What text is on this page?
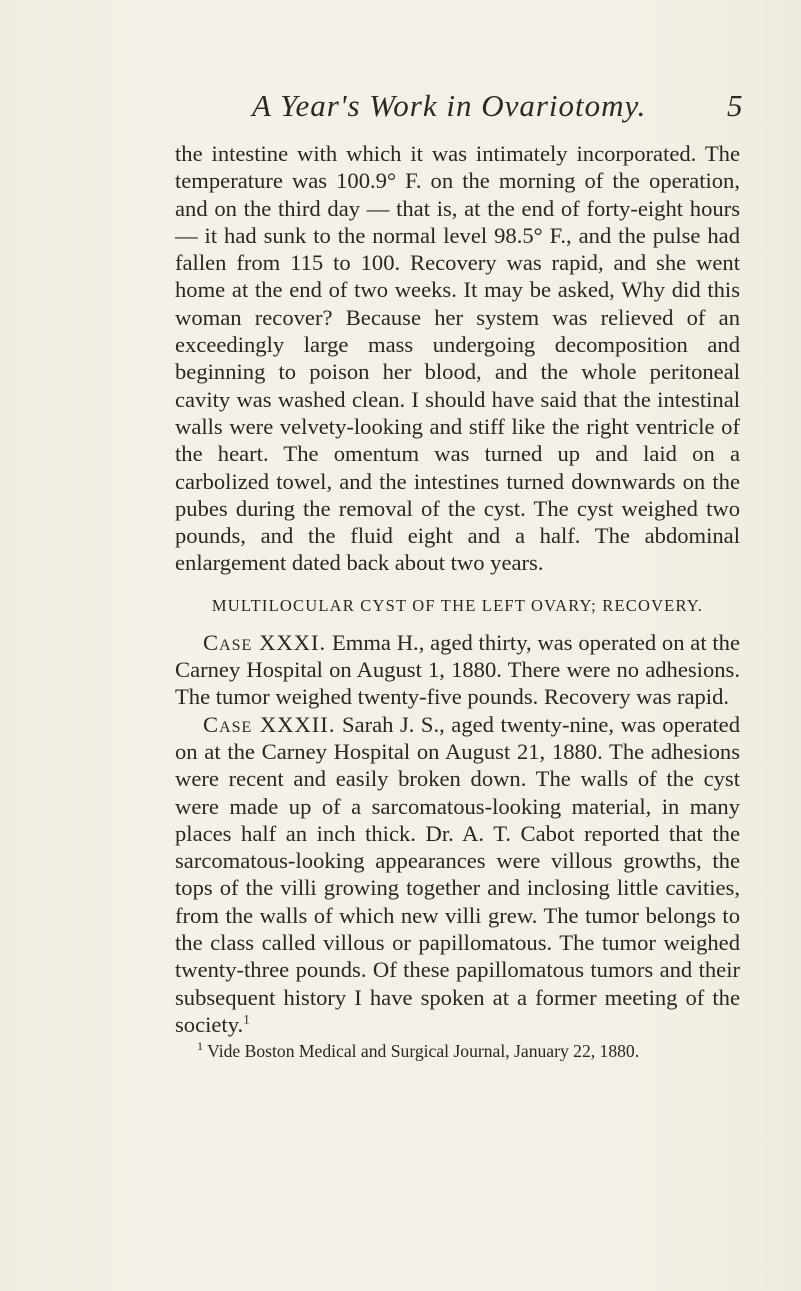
A Year's Work in Ovariotomy.	5

the intestine with which it was intimately incorporated. The temperature was 100.9° F. on the morning of the operation, and on the third day — that is, at the end of forty-eight hours — it had sunk to the normal level 98.5° F., and the pulse had fallen from 115 to 100. Recovery was rapid, and she went home at the end of two weeks. It may be asked, Why did this woman recover? Because her system was relieved of an exceedingly large mass undergoing decomposition and beginning to poison her blood, and the whole peritoneal cavity was washed clean. I should have said that the intestinal walls were velvety-looking and stiff like the right ventricle of the heart. The omentum was turned up and laid on a carbolized towel, and the intestines turned downwards on the pubes during the removal of the cyst. The cyst weighed two pounds, and the fluid eight and a half. The abdominal enlargement dated back about two years.

MULTILOCULAR CYST OF THE LEFT OVARY; RECOVERY.

Case XXXI. Emma H., aged thirty, was operated on at the Carney Hospital on August 1, 1880. There were no adhesions. The tumor weighed twenty-five pounds. Recovery was rapid.

Case XXXII. Sarah J. S., aged twenty-nine, was operated on at the Carney Hospital on August 21, 1880. The adhesions were recent and easily broken down. The walls of the cyst were made up of a sarcomatous-looking material, in many places half an inch thick. Dr. A. T. Cabot reported that the sarcomatous-looking appearances were villous growths, the tops of the villi growing together and inclosing little cavities, from the walls of which new villi grew. The tumor belongs to the class called villous or papillomatous. The tumor weighed twenty-three pounds. Of these papillomatous tumors and their subsequent history I have spoken at a former meeting of the society.$^1$

$^1$ Vide Boston Medical and Surgical Journal, January 22, 1880.
